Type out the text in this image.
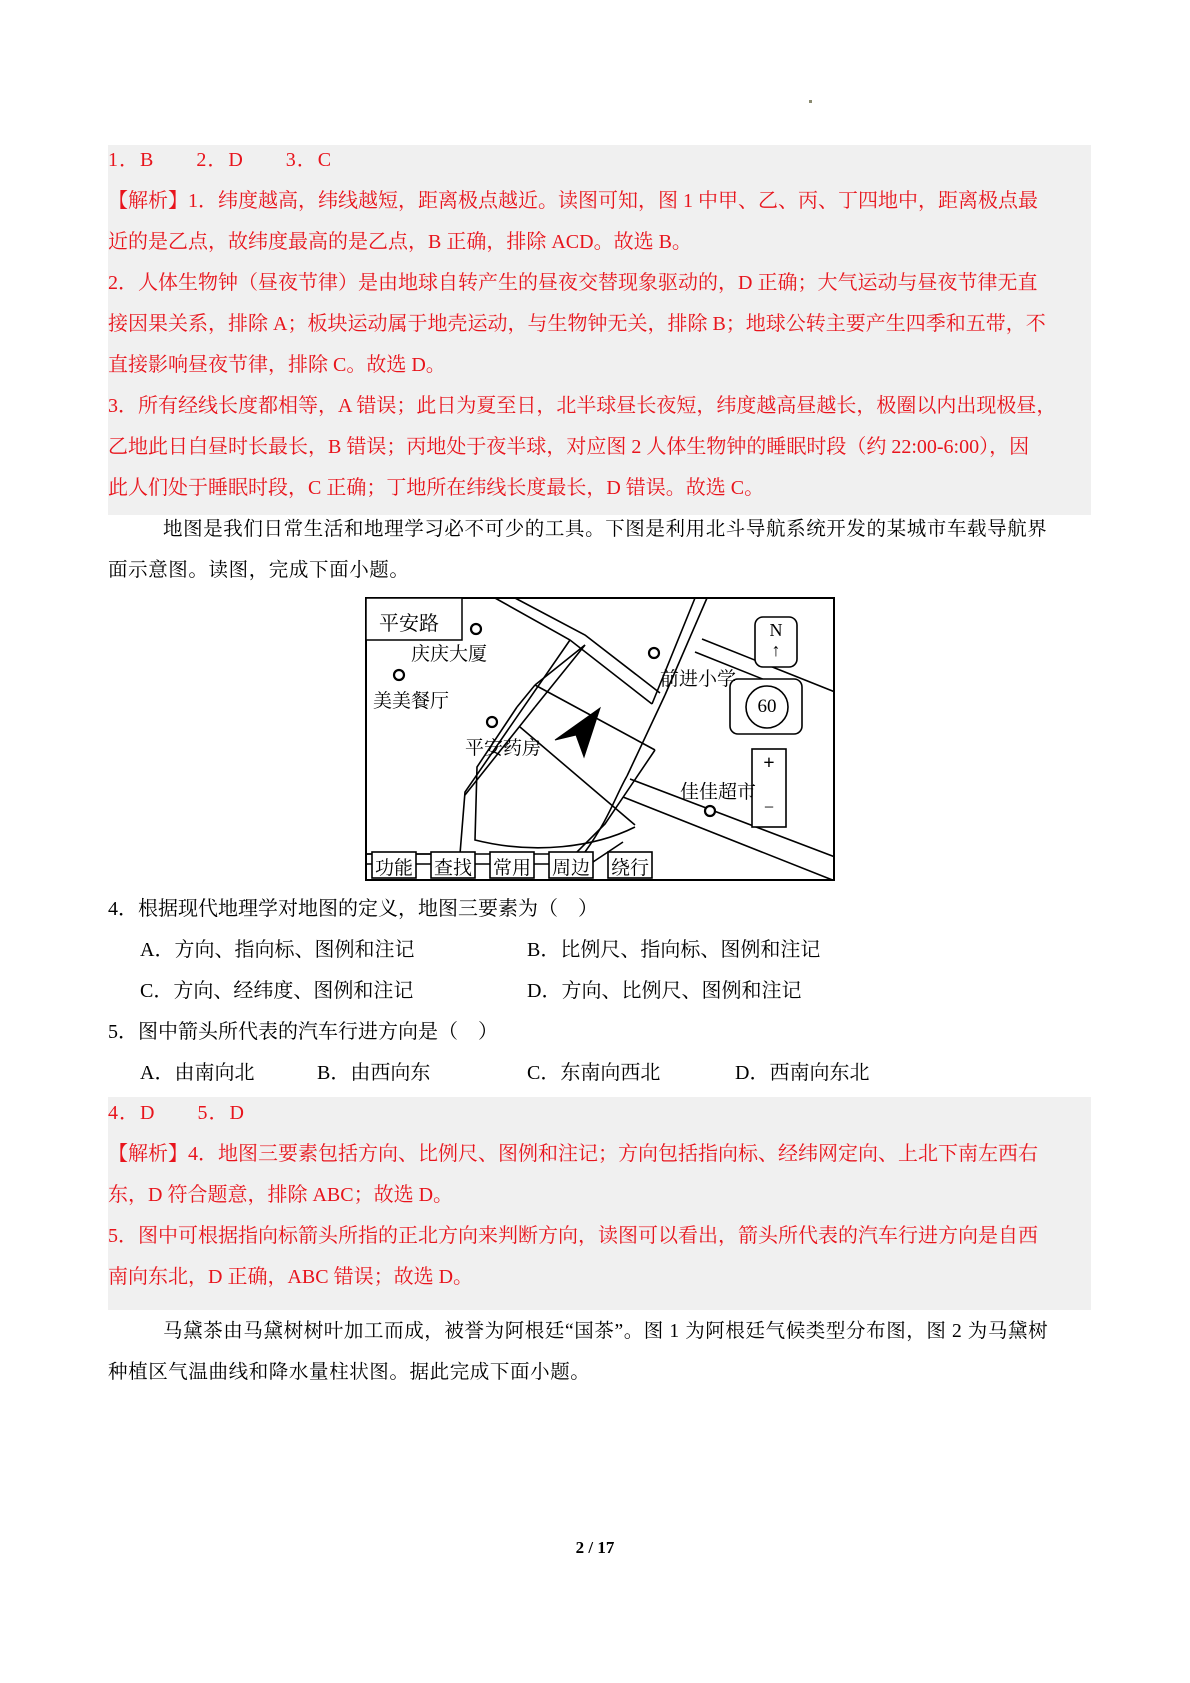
1．B　　2．D　　3．C
【解析】1．纬度越高，纬线越短，距离极点越近。读图可知，图 1 中甲、乙、丙、丁四地中，距离极点最
近的是乙点，故纬度最高的是乙点，B 正确，排除 ACD。故选 B。
2．人体生物钟（昼夜节律）是由地球自转产生的昼夜交替现象驱动的，D 正确；大气运动与昼夜节律无直
接因果关系，排除 A；板块运动属于地壳运动，与生物钟无关，排除 B；地球公转主要产生四季和五带，不
直接影响昼夜节律，排除 C。故选 D。
3．所有经线长度都相等，A 错误；此日为夏至日，北半球昼长夜短，纬度越高昼越长，极圈以内出现极昼，
乙地此日白昼时长最长，B 错误；丙地处于夜半球，对应图 2 人体生物钟的睡眠时段（约 22:00-6:00），因
此人们处于睡眠时段，C 正确；丁地所在纬线长度最长，D 错误。故选 C。
地图是我们日常生活和地理学习必不可少的工具。下图是利用北斗导航系统开发的某城市车载导航界
面示意图。读图，完成下面小题。
平安路
庆庆大厦
美美餐厅
平安药房
前进小学
佳佳超市
N
↑
60
+
−
功能 查找 常用 周边 绕行
4．根据现代地理学对地图的定义，地图三要素为（　）
A．方向、指向标、图例和注记	B．比例尺、指向标、图例和注记
C．方向、经纬度、图例和注记	D．方向、比例尺、图例和注记
5．图中箭头所代表的汽车行进方向是（　）
A．由南向北	B．由西向东	C．东南向西北	D．西南向东北
4．D　　5．D
【解析】4．地图三要素包括方向、比例尺、图例和注记；方向包括指向标、经纬网定向、上北下南左西右
东，D 符合题意，排除 ABC；故选 D。
5．图中可根据指向标箭头所指的正北方向来判断方向，读图可以看出，箭头所代表的汽车行进方向是自西
南向东北，D 正确，ABC 错误；故选 D。
马黛茶由马黛树树叶加工而成，被誉为阿根廷“国茶”。图 1 为阿根廷气候类型分布图，图 2 为马黛树
种植区气温曲线和降水量柱状图。据此完成下面小题。
2 / 17
